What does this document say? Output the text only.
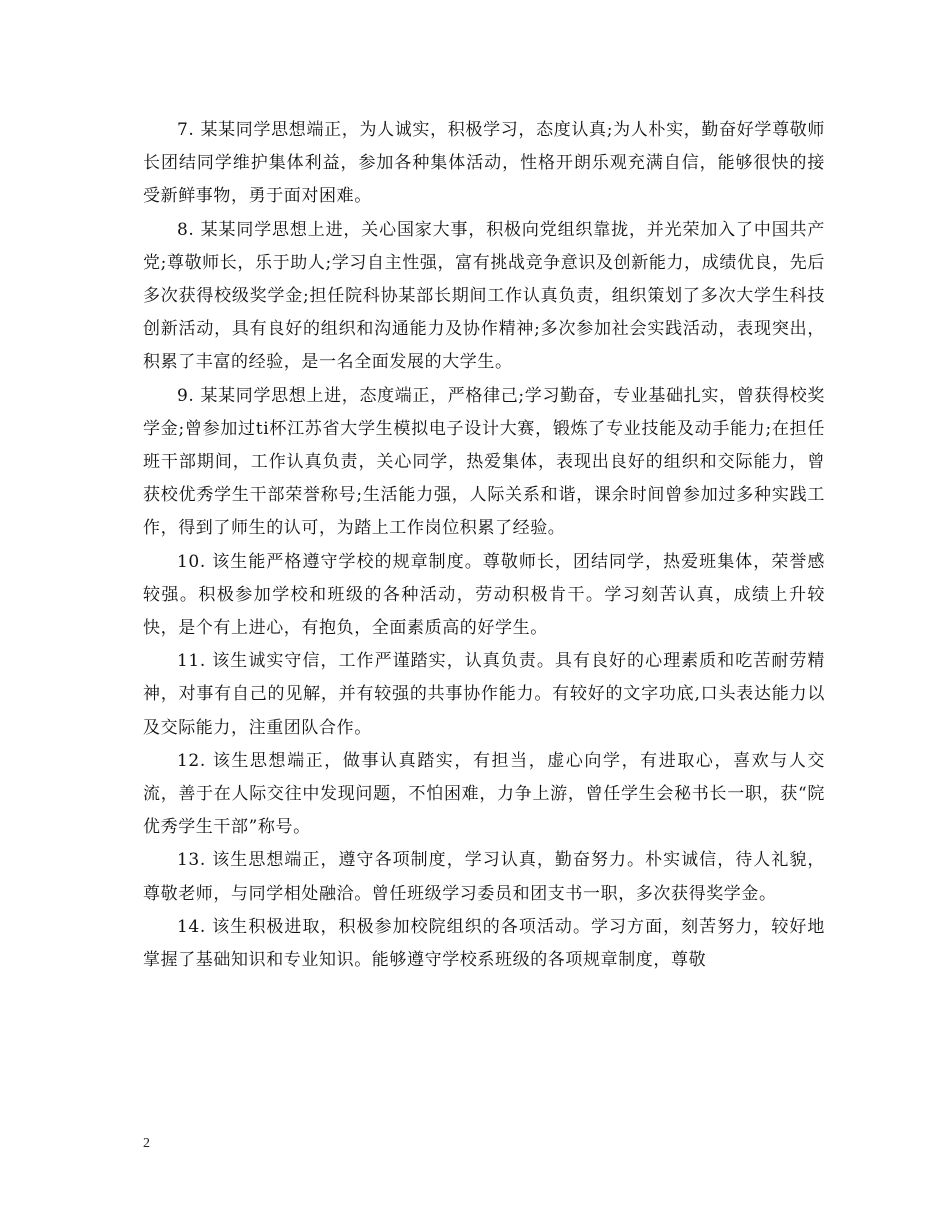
7. 某某同学思想端正，为人诚实，积极学习，态度认真;为人朴实，勤奋好学尊敬师长团结同学维护集体利益，参加各种集体活动，性格开朗乐观充满自信，能够很快的接受新鲜事物，勇于面对困难。

8. 某某同学思想上进，关心国家大事，积极向党组织靠拢，并光荣加入了中国共产党;尊敬师长，乐于助人;学习自主性强，富有挑战竞争意识及创新能力，成绩优良，先后多次获得校级奖学金;担任院科协某部长期间工作认真负责，组织策划了多次大学生科技创新活动，具有良好的组织和沟通能力及协作精神;多次参加社会实践活动，表现突出，积累了丰富的经验，是一名全面发展的大学生。

9. 某某同学思想上进，态度端正，严格律己;学习勤奋，专业基础扎实，曾获得校奖学金;曾参加过ti杯江苏省大学生模拟电子设计大赛，锻炼了专业技能及动手能力;在担任班干部期间，工作认真负责，关心同学，热爱集体，表现出良好的组织和交际能力，曾获校优秀学生干部荣誉称号;生活能力强，人际关系和谐，课余时间曾参加过多种实践工作，得到了师生的认可，为踏上工作岗位积累了经验。

10. 该生能严格遵守学校的规章制度。尊敬师长，团结同学，热爱班集体，荣誉感较强。积极参加学校和班级的各种活动，劳动积极肯干。学习刻苦认真，成绩上升较快，是个有上进心，有抱负，全面素质高的好学生。

11. 该生诚实守信，工作严谨踏实，认真负责。具有良好的心理素质和吃苦耐劳精神，对事有自己的见解，并有较强的共事协作能力。有较好的文字功底,口头表达能力以及交际能力，注重团队合作。

12. 该生思想端正，做事认真踏实，有担当，虚心向学，有进取心，喜欢与人交流，善于在人际交往中发现问题，不怕困难，力争上游，曾任学生会秘书长一职，获“院优秀学生干部”称号。

13. 该生思想端正，遵守各项制度，学习认真，勤奋努力。朴实诚信，待人礼貌，尊敬老师，与同学相处融洽。曾任班级学习委员和团支书一职，多次获得奖学金。

14. 该生积极进取，积极参加校院组织的各项活动。学习方面，刻苦努力，较好地掌握了基础知识和专业知识。能够遵守学校系班级的各项规章制度，尊敬

2
